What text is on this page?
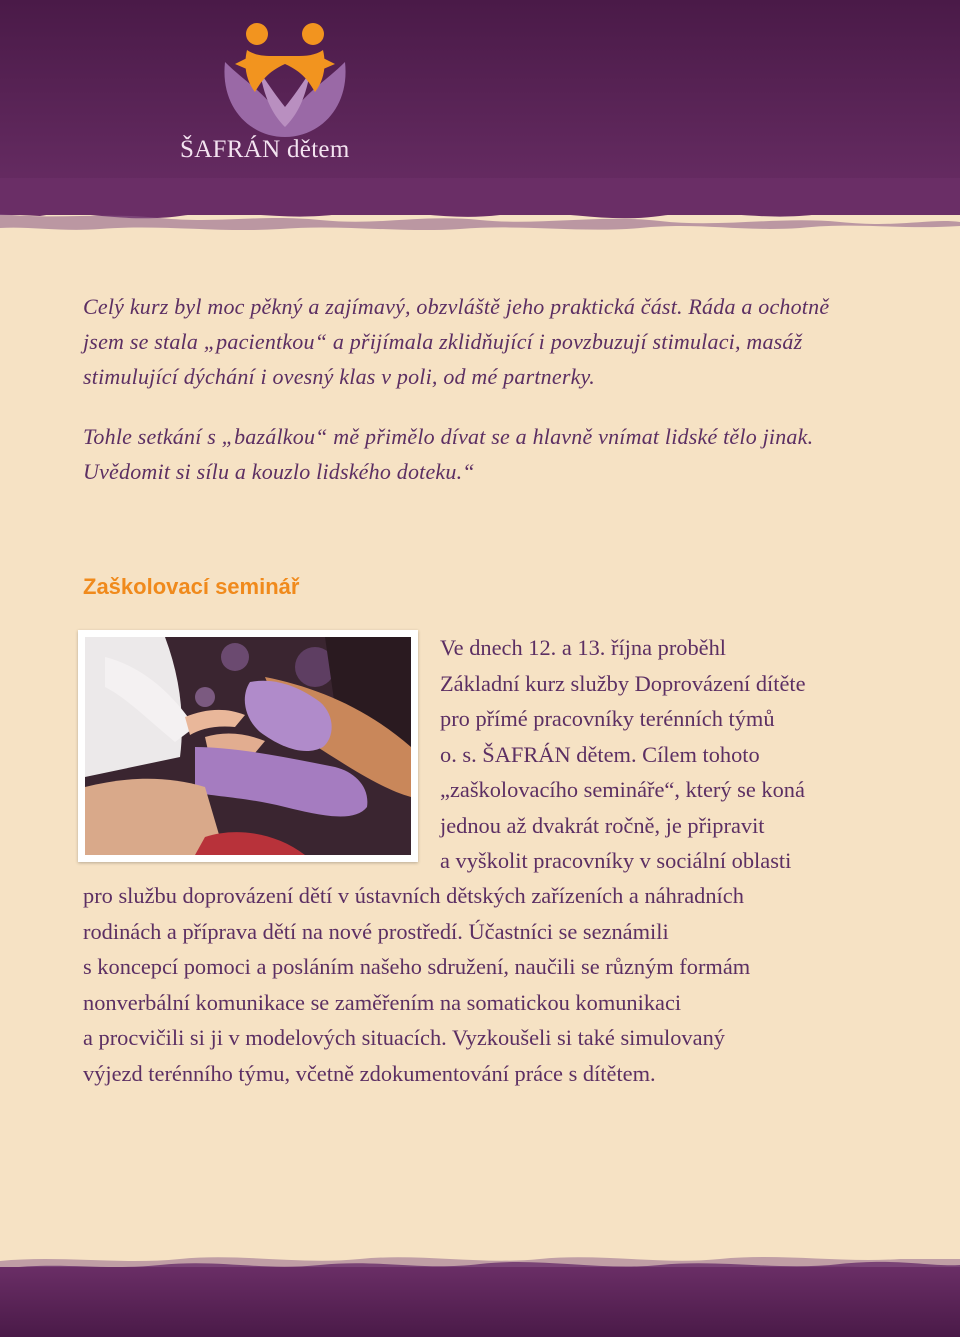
ŠAFRÁN dětem
Celý kurz byl moc pěkný a zajímavý, obzvláště jeho praktická část. Ráda a ochotně
jsem se stala „pacientkou“ a přijímala zklidňující i povzbuzují stimulaci, masáž
stimulující dýchání i ovesný klas v poli, od mé partnerky.
Tohle setkání s „bazálkou“ mě přimělo dívat se a hlavně vnímat lidské tělo jinak.
Uvědomit si sílu a kouzlo lidského doteku.“
Zaškolovací seminář
Ve dnech 12. a 13. října proběhl
Základní kurz služby Doprovázení dítěte
pro přímé pracovníky terénních týmů
o. s. ŠAFRÁN dětem. Cílem tohoto
„zaškolovacího semináře“, který se koná
jednou až dvakrát ročně, je připravit
a vyškolit pracovníky v sociální oblasti
pro službu doprovázení dětí v ústavních dětských zařízeních a náhradních
rodinách a příprava dětí na nové prostředí. Účastníci se seznámili
s koncepcí pomoci a posláním našeho sdružení, naučili se různým formám
nonverbální komunikace se zaměřením na somatickou komunikaci
a procvičili si ji v modelových situacích. Vyzkoušeli si také simulovaný
výjezd terénního týmu, včetně zdokumentování práce s dítětem.
